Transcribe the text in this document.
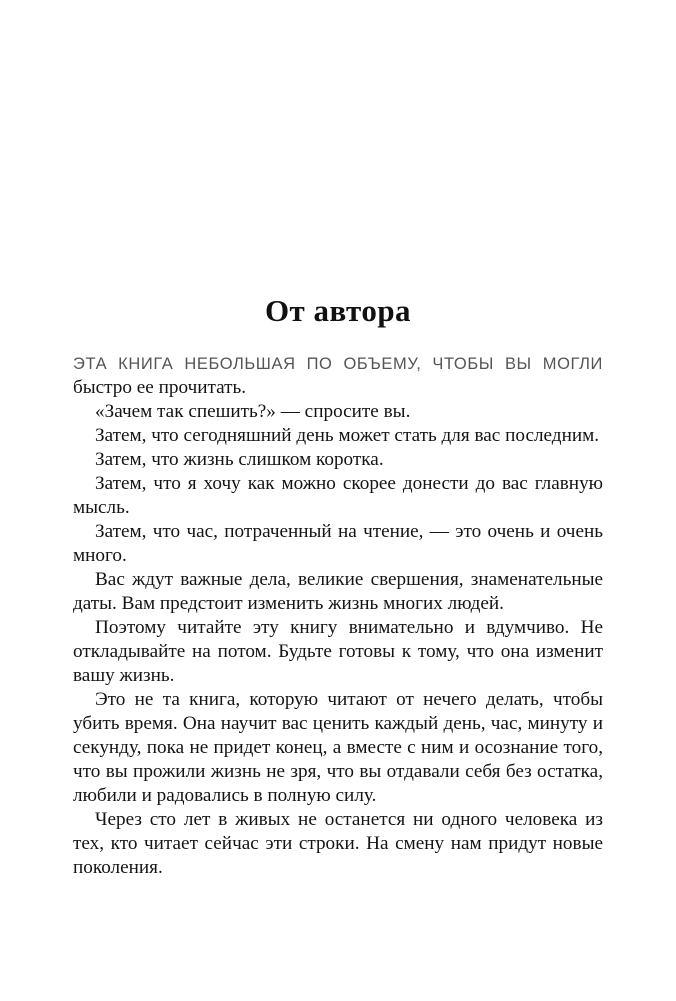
От автора

ЭТА КНИГА НЕБОЛЬШАЯ ПО ОБЪЕМУ, ЧТОБЫ ВЫ МОГЛИ быстро ее прочитать.

«Зачем так спешить?» — спросите вы.

Затем, что сегодняшний день может стать для вас последним.

Затем, что жизнь слишком коротка.

Затем, что я хочу как можно скорее донести до вас главную мысль.

Затем, что час, потраченный на чтение, — это очень и очень много.

Вас ждут важные дела, великие свершения, знаменательные даты. Вам предстоит изменить жизнь многих людей.

Поэтому читайте эту книгу внимательно и вдумчиво. Не откладывайте на потом. Будьте готовы к тому, что она изменит вашу жизнь.

Это не та книга, которую читают от нечего делать, чтобы убить время. Она научит вас ценить каждый день, час, минуту и секунду, пока не придет конец, а вместе с ним и осознание того, что вы прожили жизнь не зря, что вы отдавали себя без остатка, любили и радовались в полную силу.

Через сто лет в живых не останется ни одного человека из тех, кто читает сейчас эти строки. На смену нам придут новые поколения.
